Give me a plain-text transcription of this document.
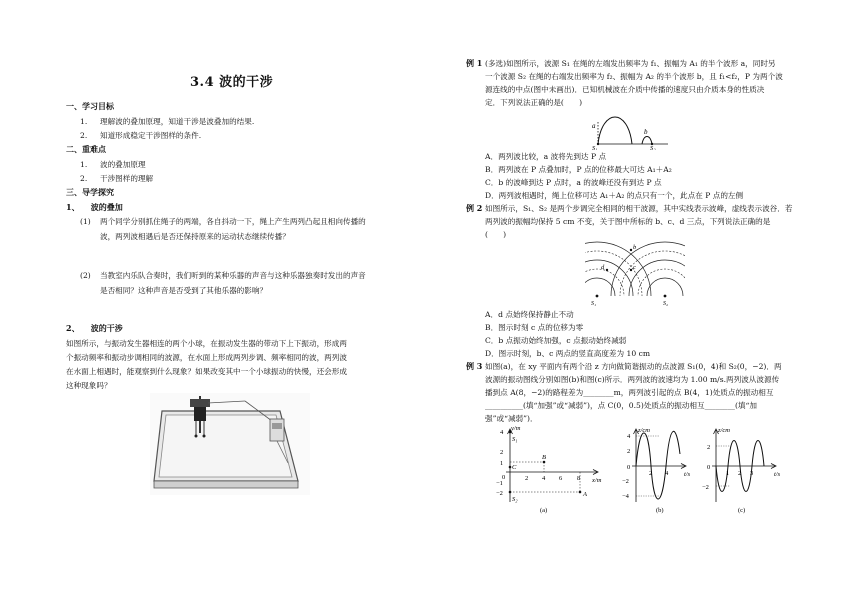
3.4 波的干涉
一、学习目标
1. 理解波的叠加原理，知道干涉是波叠加的结果.
2. 知道形成稳定干涉图样的条件.
二、重难点
1. 波的叠加原理
2. 干涉图样的理解
三、导学探究
1、 波的叠加
(1) 两个同学分别抓住绳子的两端，各自抖动一下，绳上产生两列凸起且相向传播的
波，两列波相遇后是否还保持原来的运动状态继续传播？
(2) 当教室内乐队合奏时，我们听到的某种乐器的声音与这种乐器独奏时发出的声音
是否相同？这种声音是否受到了其他乐器的影响？
2、 波的干涉
如图所示，与振动发生器相连的两个小球，在振动发生器的带动下上下振动，形成两
个振动频率和振动步调相同的波源，在水面上形成两列步调、频率相同的波，两列波
在水面上相遇时，能观察到什么现象？如果改变其中一个小球振动的快慢，还会形成
这种现象吗？
例 1 (多选)如图所示，波源 S₁ 在绳的左端发出频率为 f₁、振幅为 A₁ 的半个波形 a，同时另
一个波源 S₂ 在绳的右端发出频率为 f₂、振幅为 A₂ 的半个波形 b，且 f₁<f₂，P 为两个波
源连线的中点(图中未画出)．已知机械波在介质中传播的速度只由介质本身的性质决
定．下列说法正确的是(　　)
a
b
S₁	S₂
A．两列波比较，a 波将先到达 P 点
B．两列波在 P 点叠加时，P 点的位移最大可达 A₁＋A₂
C．b 的波峰到达 P 点时，a 的波峰还没有到达 P 点
D．两列波相遇时，绳上位移可达 A₁＋A₂ 的点只有一个，此点在 P 点的左侧
例 2 如图所示，S₁、S₂ 是两个步调完全相同的相干波源，其中实线表示波峰，虚线表示波谷．若
两列波的振幅均保持 5 cm 不变，关于图中所标的 b、c、d 三点，下列说法正确的是
(　　)
b
c
d
S₁	S₂
A．d 点始终保持静止不动
B．图示时刻 c 点的位移为零
C．b 点振动始终加强，c 点振动始终减弱
D．图示时刻，b、c 两点的竖直高度差为 10 cm
例 3 如图(a)，在 xy 平面内有两个沿 z 方向做简谐振动的点波源 S₁(0，4)和 S₂(0，−2)．两
波源的振动图线分别如图(b)和图(c)所示．两列波的波速均为 1.00 m/s.两列波从波源传
播到点 A(8，−2)的路程差为________m，两列波引起的点 B(4，1)处质点的振动相互
__________(填“加强”或“减弱”)，点 C(0，0.5)处质点的振动相互________(填“加
强”或“减弱”)．
y/m
x/m
4
2
1
0
−1
−2
2 4 6 8
S₁
S₂
B
C
A
(a)
z/cm
t/s
4
2
0
−2
−4
2 4
(b)
z/cm
t/s
2
0
−2
1 2 3
(c)
